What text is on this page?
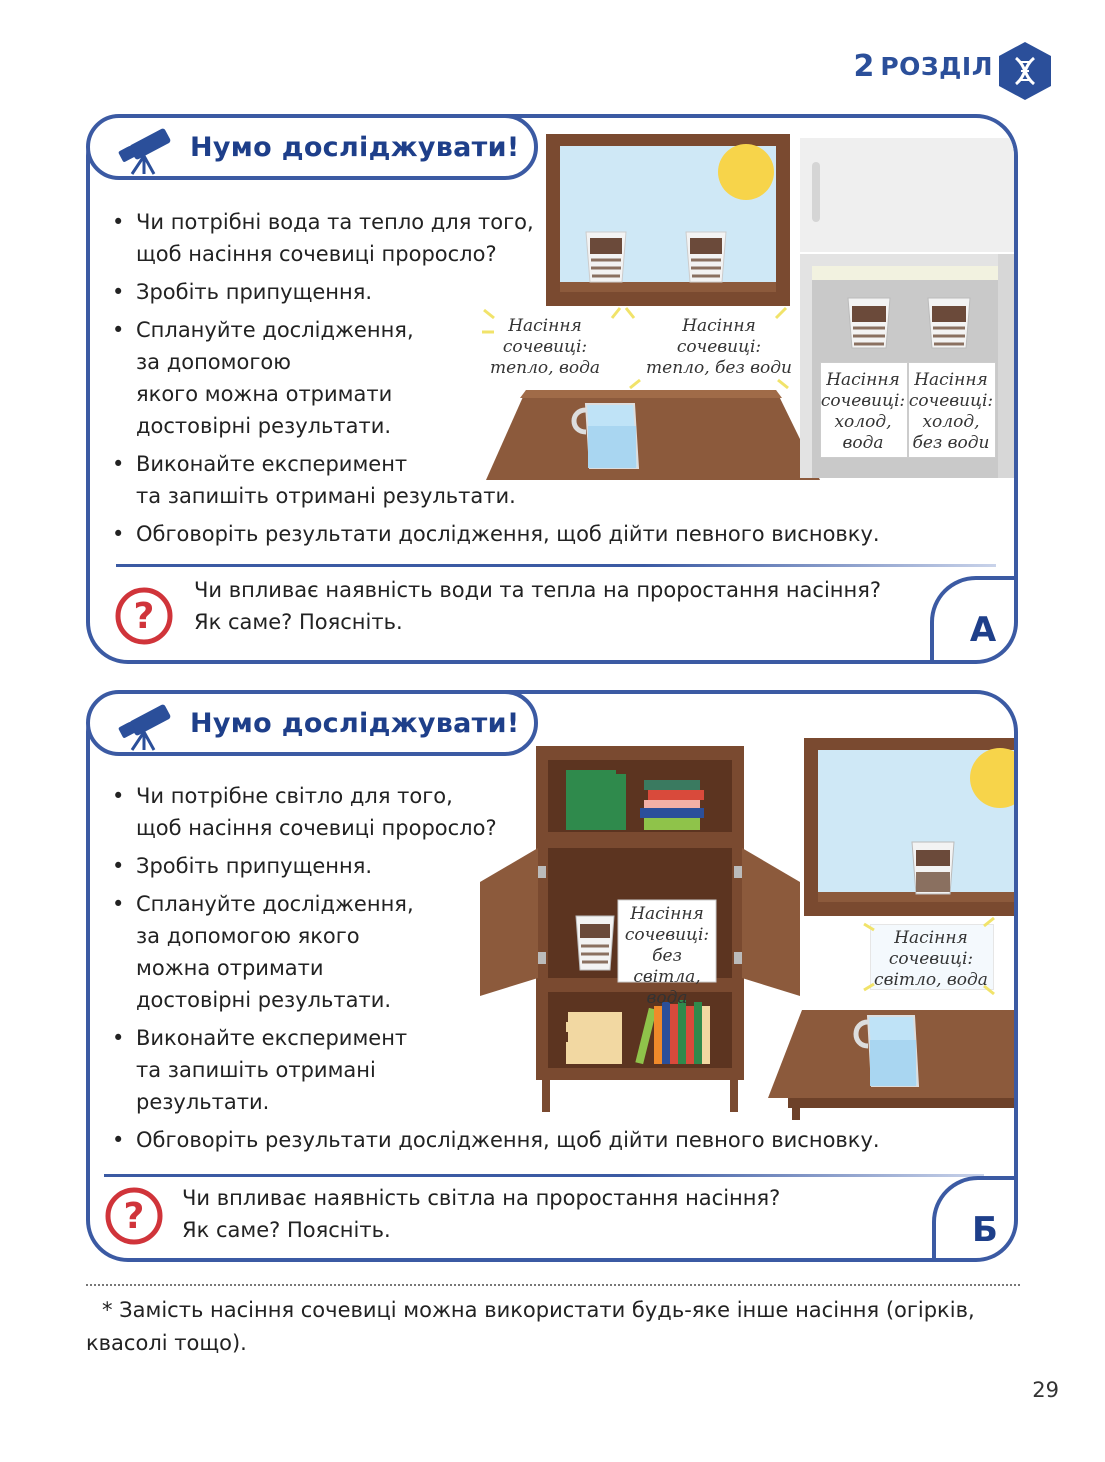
2 РОЗДІЛ
Насіння
сочевиці:
тепло, вода
Насіння
сочевиці:
тепло, без води
Насіння
сочевиці:
холод,
вода
Насіння
сочевиці:
холод,
без води
• Чи потрібні вода та тепло для того,
щоб насіння сочевиці проросло?
• Зробіть припущення.
• Сплануйте дослідження,
за допомогою
якого можна отримати
достовірні результати.
• Виконайте експеримент
та запишіть отримані результати.
• Обговоріть результати дослідження, щоб дійти певного висновку.
?
Чи впливає наявність води та тепла на проростання насіння?
Як саме? Поясніть.	А
Нумо досліджувати!
Насіння
сочевиці:
без світла,
вода
Насіння
сочевиці:
світло, вода
• Чи потрібне світло для того,
щоб насіння сочевиці проросло?
• Зробіть припущення.
• Сплануйте дослідження,
за допомогою якого
можна отримати
достовірні результати.
• Виконайте експеримент
та запишіть отримані
результати.
• Обговоріть результати дослідження, щоб дійти певного висновку.
? Чи впливає наявність світла на проростання насіння?
Як саме? Поясніть.	Б
Нумо досліджувати!
* Замість насіння сочевиці можна використати будь-яке інше насіння (огірків, квасолі тощо).
29
